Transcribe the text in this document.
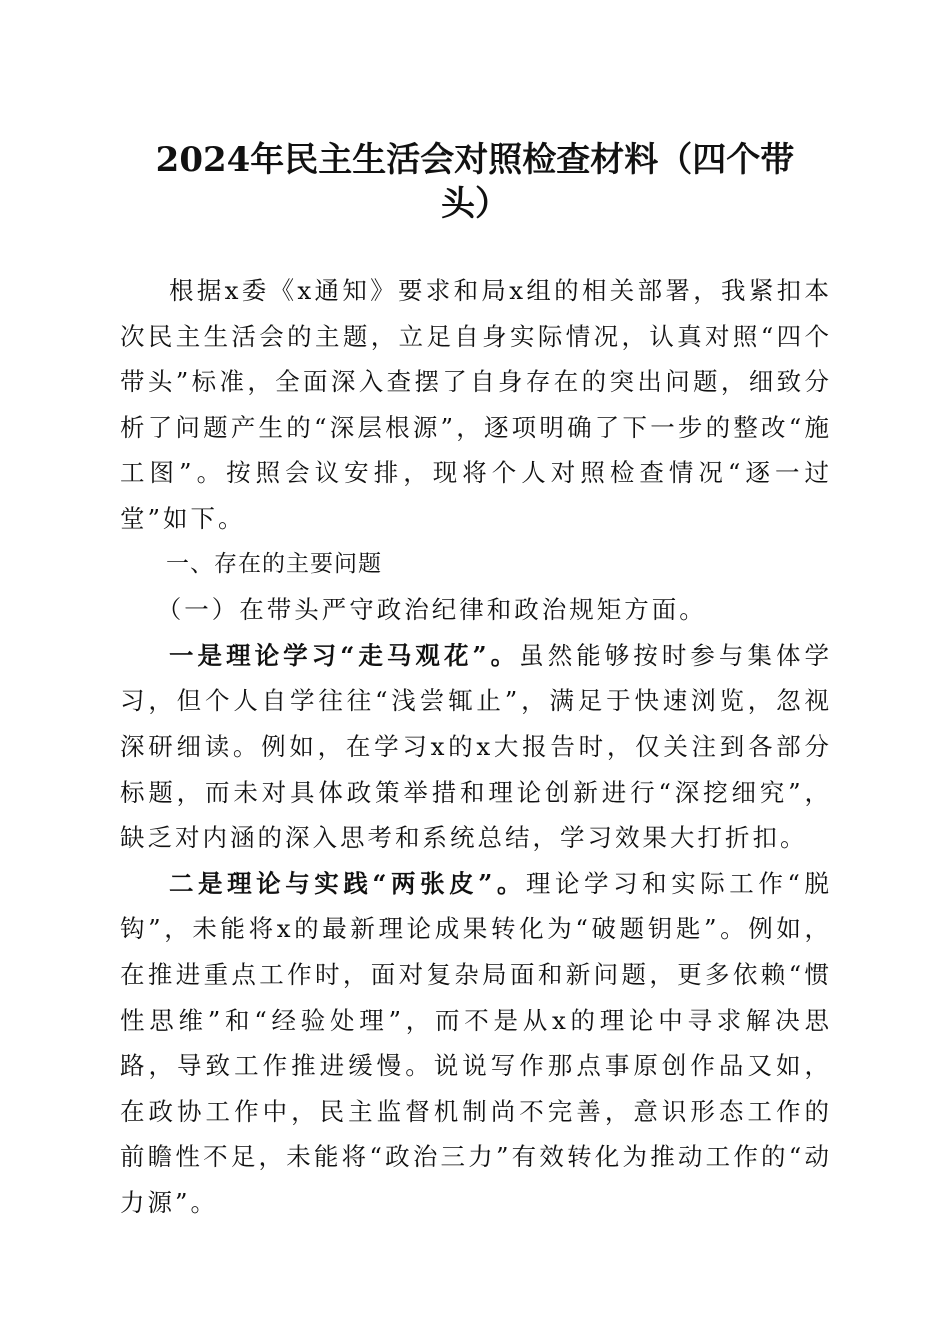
2024年民主生活会对照检查材料（四个带
头）

根据x委《x通知》要求和局x组的相关部署，我紧扣本次民主生活会的主题，立足自身实际情况，认真对照“四个带头”标准，全面深入查摆了自身存在的突出问题，细致分析了问题产生的“深层根源”，逐项明确了下一步的整改“施工图”。按照会议安排，现将个人对照检查情况“逐一过堂”如下。

一、存在的主要问题

（一）在带头严守政治纪律和政治规矩方面。

一是理论学习“走马观花”。虽然能够按时参与集体学习，但个人自学往往“浅尝辄止”，满足于快速浏览，忽视深研细读。例如，在学习x的x大报告时，仅关注到各部分标题，而未对具体政策举措和理论创新进行“深挖细究”，缺乏对内涵的深入思考和系统总结，学习效果大打折扣。

二是理论与实践“两张皮”。理论学习和实际工作“脱钩”，未能将x的最新理论成果转化为“破题钥匙”。例如，在推进重点工作时，面对复杂局面和新问题，更多依赖“惯性思维”和“经验处理”，而不是从x的理论中寻求解决思路，导致工作推进缓慢。说说写作那点事原创作品又如，在政协工作中，民主监督机制尚不完善，意识形态工作的前瞻性不足，未能将“政治三力”有效转化为推动工作的“动力源”。
